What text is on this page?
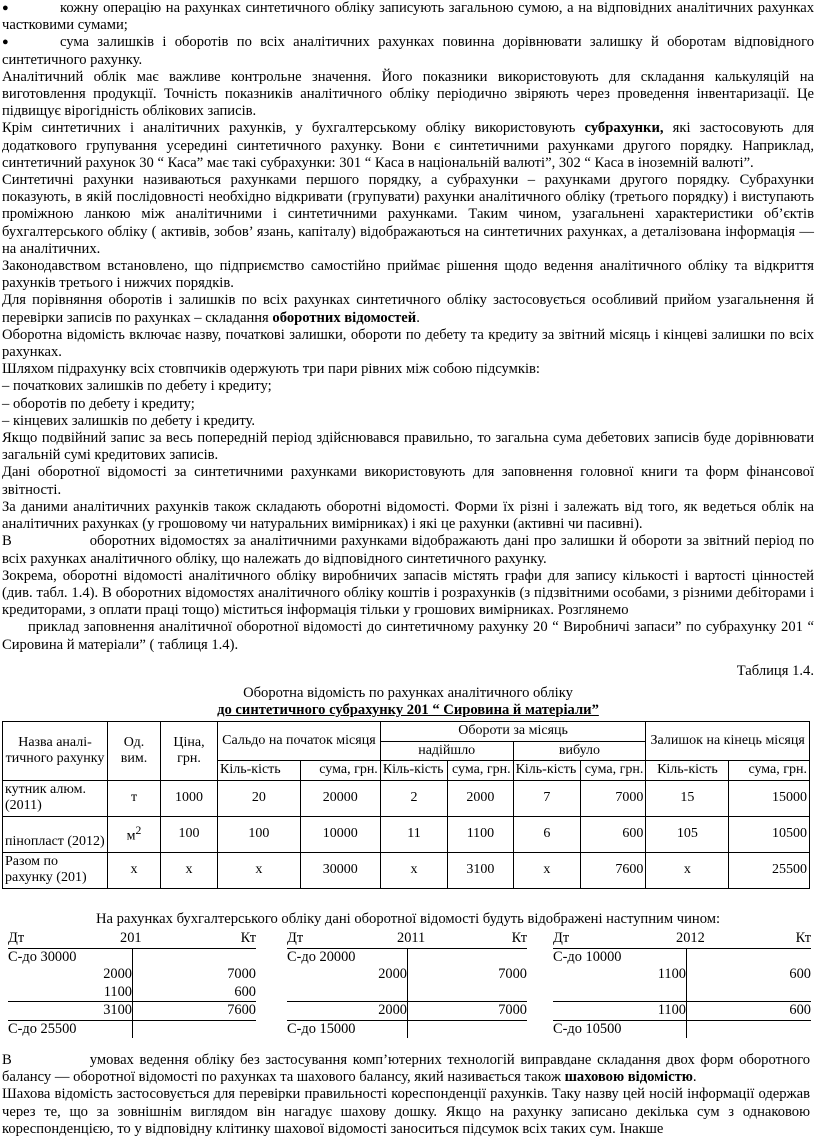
●	кожну операцію на рахунках синтетичного обліку записують загальною сумою, а на відповідних аналітичних рахунках частковими сумами;

●	сума залишків і оборотів по всіх аналітичних рахунках повинна дорівнювати залишку й оборотам відповідного синтетичного рахунку.

Аналітичний облік має важливе контрольне значення. Його показники використовують для складання калькуляцій на виготовлення продукції. Точність показників аналітичного обліку періодично звіряють через проведення інвентаризації. Це підвищує вірогідність облікових записів.

Крім синтетичних і аналітичних рахунків, у бухгалтерському обліку використовують субрахунки, які застосовують для додаткового групування усередині синтетичного рахунку. Вони є синтетичними рахунками другого порядку. Наприклад, синтетичний рахунок 30 “ Каса” має такі субрахунки: 301 “ Каса в національній валюті”, 302 “ Каса в іноземній валюті”.

Синтетичні рахунки називаються рахунками першого порядку, а субрахунки – рахунками другого порядку. Субрахунки показують, в якій послідовності необхідно відкривати (групувати) рахунки аналітичного обліку (третього порядку) і виступають проміжною ланкою між аналітичними і синтетичними рахунками. Таким чином, узагальнені характеристики об’єктів бухгалтерського обліку ( активів, зобов’ язань, капіталу) відображаються на синтетичних рахунках, а деталізована інформація — на аналітичних.

Законодавством встановлено, що підприємство самостійно приймає рішення щодо ведення аналітичного обліку та відкриття рахунків третього і нижчих порядків.

Для порівняння оборотів і залишків по всіх рахунках синтетичного обліку застосовується особливий прийом узагальнення й перевірки записів по рахунках – складання оборотних відомостей.

Оборотна відомість включає назву, початкові залишки, обороти по дебету та кредиту за звітний місяць і кінцеві залишки по всіх рахунках.

Шляхом підрахунку всіх стовпчиків одержують три пари рівних між собою підсумків:

– початкових залишків по дебету і кредиту;

– оборотів по дебету і кредиту;

– кінцевих залишків по дебету і кредиту.

Якщо подвійний запис за весь попередній період здійснювався правильно, то загальна сума дебетових записів буде дорівнювати загальній сумі кредитових записів.

Дані оборотної відомості за синтетичними рахунками використовують для заповнення головної книги та форм фінансової звітності.

За даними аналітичних рахунків також складають оборотні відомості. Форми їх різні і залежать від того, як ведеться облік на аналітичних рахунках (у грошовому чи натуральних вимірниках) і які це рахунки (активні чи пасивні).

В	оборотних відомостях за аналітичними рахунками відображають дані про залишки й обороти за звітний період по всіх рахунках аналітичного обліку, що належать до відповідного синтетичного рахунку.

Зокрема, оборотні відомості аналітичного обліку виробничих запасів містять графи для запису кількості і вартості цінностей (див. табл. 1.4). В оборотних відомостях аналітичного обліку коштів і розрахунків (з підзвітними особами, з різними дебіторами і кредиторами, з оплати праці тощо) міститься інформація тільки у грошових вимірниках. Розглянемо

приклад заповнення аналітичної оборотної відомості до синтетичному рахунку 20 “ Виробничі запаси” по субрахунку 201 “ Сировина й матеріали” ( таблиця 1.4).

Таблиця 1.4.

Оборотна відомість по рахунках аналітичного обліку

до синтетичного субрахунку 201 “ Сировина й матеріали”

Назва аналі-тичного рахунку	Од. вим.	Ціна, грн.	Сальдо на початок місяця		Обороти за місяць				Залишок на кінець місяця	
					надійшло		вибуло			
			Кіль-кість	сума, грн.	Кіль-кість	сума, грн.	Кіль-кість	сума, грн.	Кіль-кість	сума, грн.
кутник алюм. (2011)	т	1000	20	20000	2	2000	7	7000	15	15000
пінопласт (2012)	$м^2$	100	100	10000	11	1100	6	600	105	10500
Разом по рахунку (201)	х	х	х	30000	х	3100	х	7600	х	25500

На рахунках бухгалтерського обліку дані оборотної відомості будуть відображені наступним чином:

Дт	201	Кт
С-до 30000
2000	7000
1100	600
3100	7600
С-до 25500
Дт	2011	Кт
С-до 20000
2000	7000
2000	7000
С-до 15000
Дт	2012	Кт
С-до 10000
1100	600
1100	600
С-до 10500

В	умовах ведення обліку без застосування комп’ютерних технологій виправдане складання двох форм оборотного балансу — оборотної відомості по рахунках та шахового балансу, який називається також шаховою відомістю.

Шахова відомість застосовується для перевірки правильності кореспонденції рахунків. Таку назву цей носій інформації одержав через те, що за зовнішнім виглядом він нагадує шахову дошку. Якщо на рахунку записано декілька сум з однаковою кореспонденцією, то у відповідну клітинку шахової відомості заноситься підсумок всіх таких сум. Інакше
